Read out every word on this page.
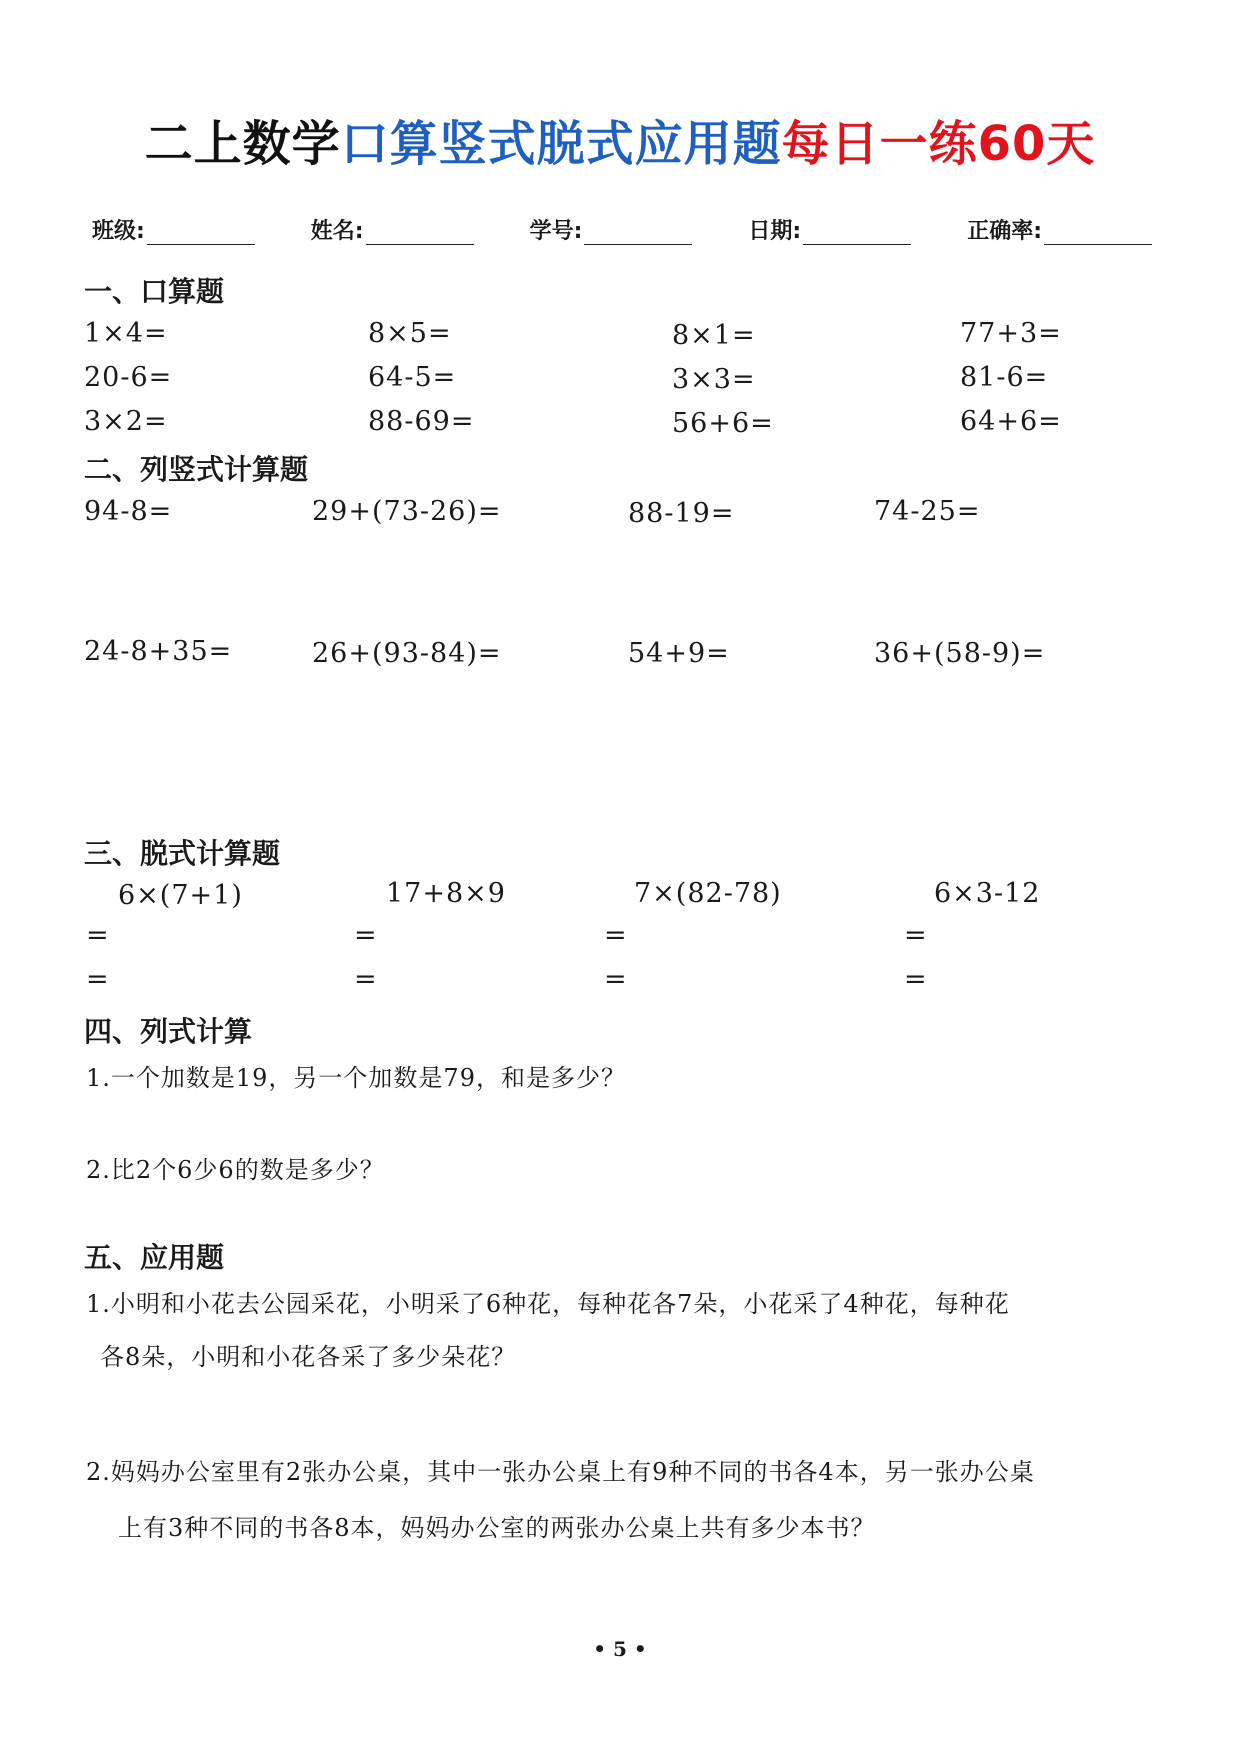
二上数学口算竖式脱式应用题每日一练60天
班级:	姓名:	学号:	日期:	正确率:
一、口算题
1×4=	8×5=	8×1=	77+3=
20-6=	64-5=	3×3=	81-6=
3×2=	88-69=	56+6=	64+6=
二、列竖式计算题
94-8=	29+(73-26)=	88-19=	74-25=
24-8+35=	26+(93-84)=	54+9=	36+(58-9)=
三、脱式计算题
6×(7+1)	17+8×9	7×(82-78)	6×3-12
=	=	=	=
=	=	=	=
四、列式计算
1.一个加数是19，另一个加数是79，和是多少？
2.比2个6少6的数是多少？
五、应用题
1.小明和小花去公园采花，小明采了6种花，每种花各7朵，小花采了4种花，每种花
各8朵，小明和小花各采了多少朵花？
2.妈妈办公室里有2张办公桌，其中一张办公桌上有9种不同的书各4本，另一张办公桌
上有3种不同的书各8本，妈妈办公室的两张办公桌上共有多少本书？
• 5 •
